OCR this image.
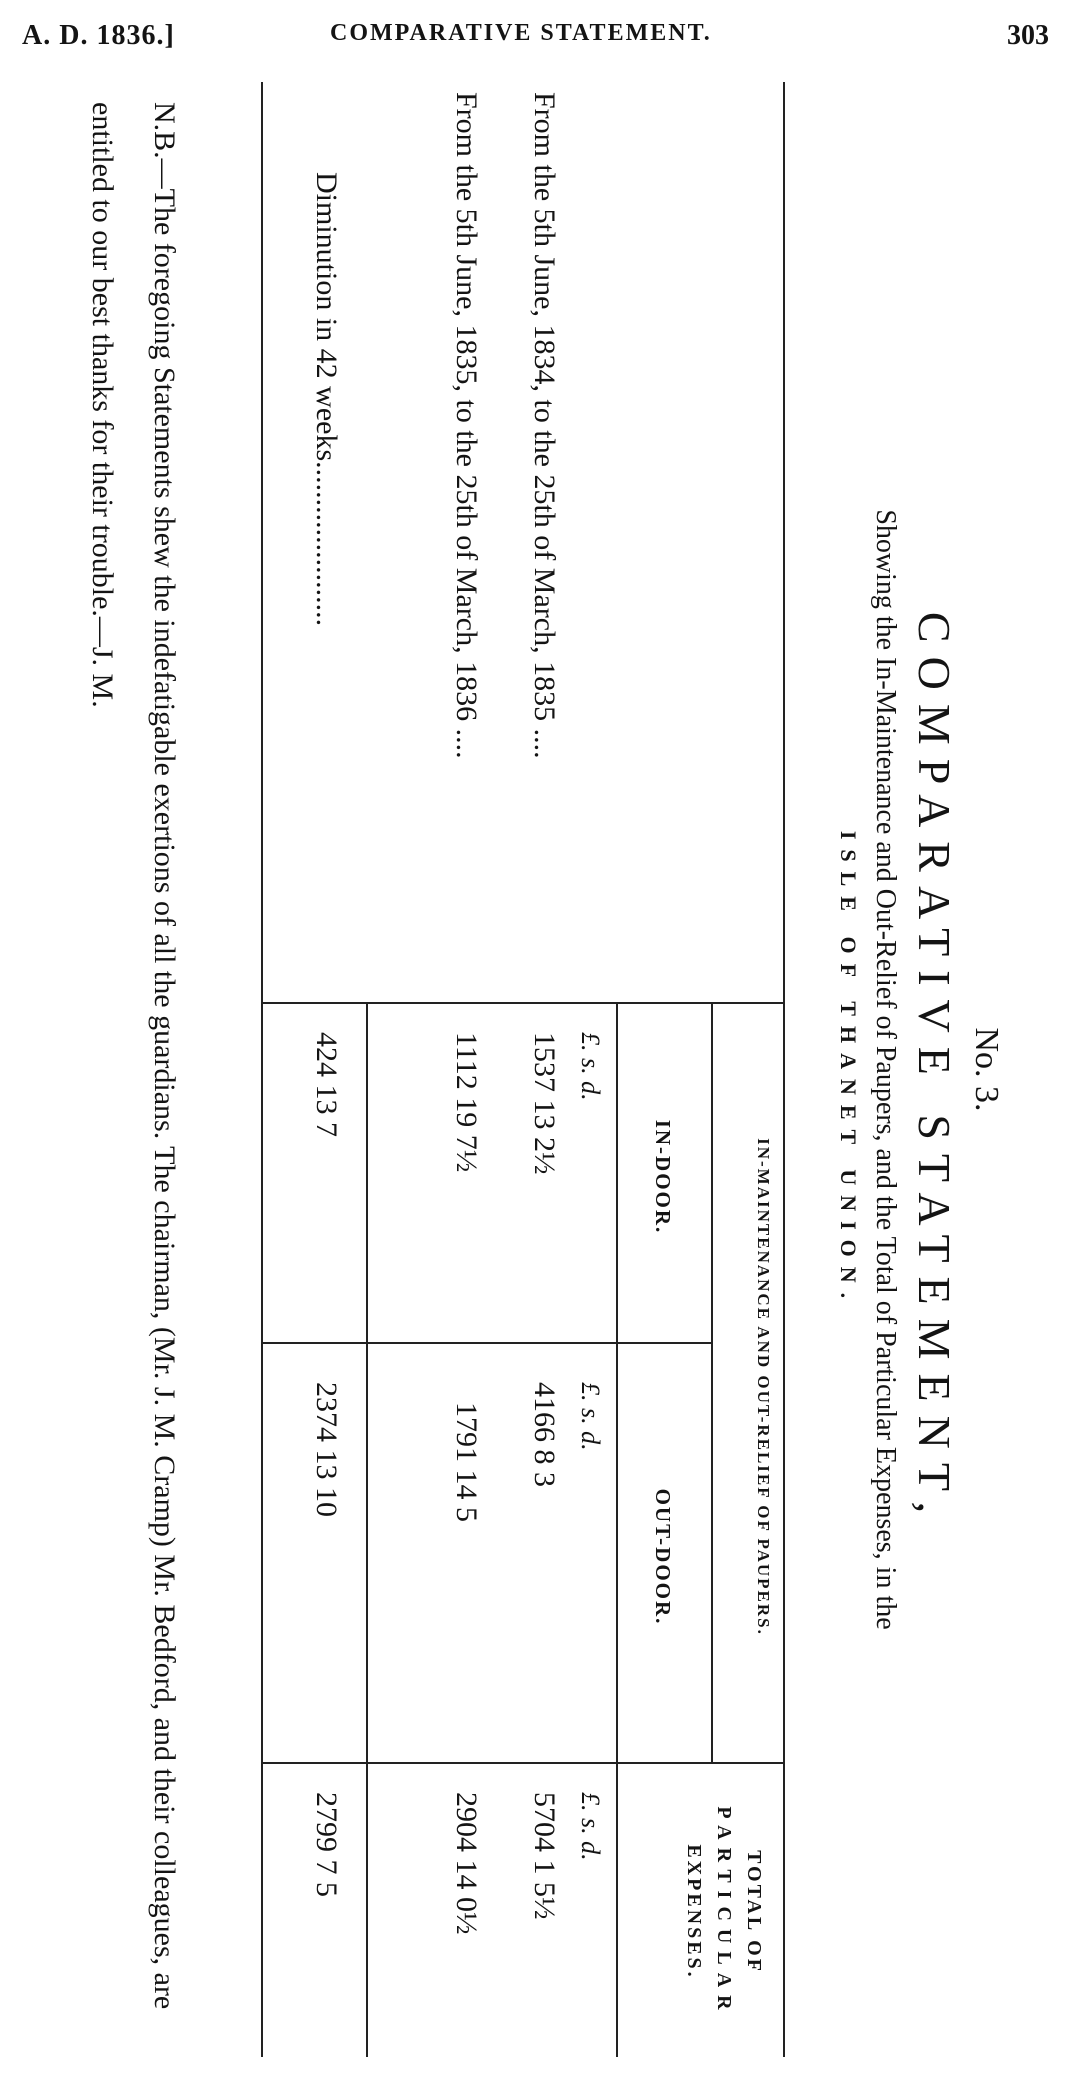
A. D. 1836.]	COMPARATIVE STATEMENT.	303
No. 3.
COMPARATIVE STATEMENT,
Showing the In-Maintenance and Out-Relief of Paupers, and the Total of Particular Expenses, in the
ISLE OF THANET UNION.
IN-MAINTENANCE AND OUT-RELIEF OF PAUPERS.
IN-DOOR.
OUT-DOOR.
TOTAL OF
PARTICULAR
EXPENSES.
£. s. d.
£. s. d.
£. s. d.
From the 5th June, 1834, to the 25th of March, 1835 ....
1537 13 2½
4166 8 3
5704 1 5½
From the 5th June, 1835, to the 25th of March, 1836 ....
1112 19 7½
1791 14 5
2904 14 0½
Diminution in 42 weeks......................
424 13 7
2374 13 10
2799 7 5
N.B.—The foregoing Statements shew the indefatigable exertions of all the guardians. The chairman, (Mr. J. M. Cramp) Mr. Bedford, and their colleagues, are entitled to our best thanks for their trouble.—J. M.
